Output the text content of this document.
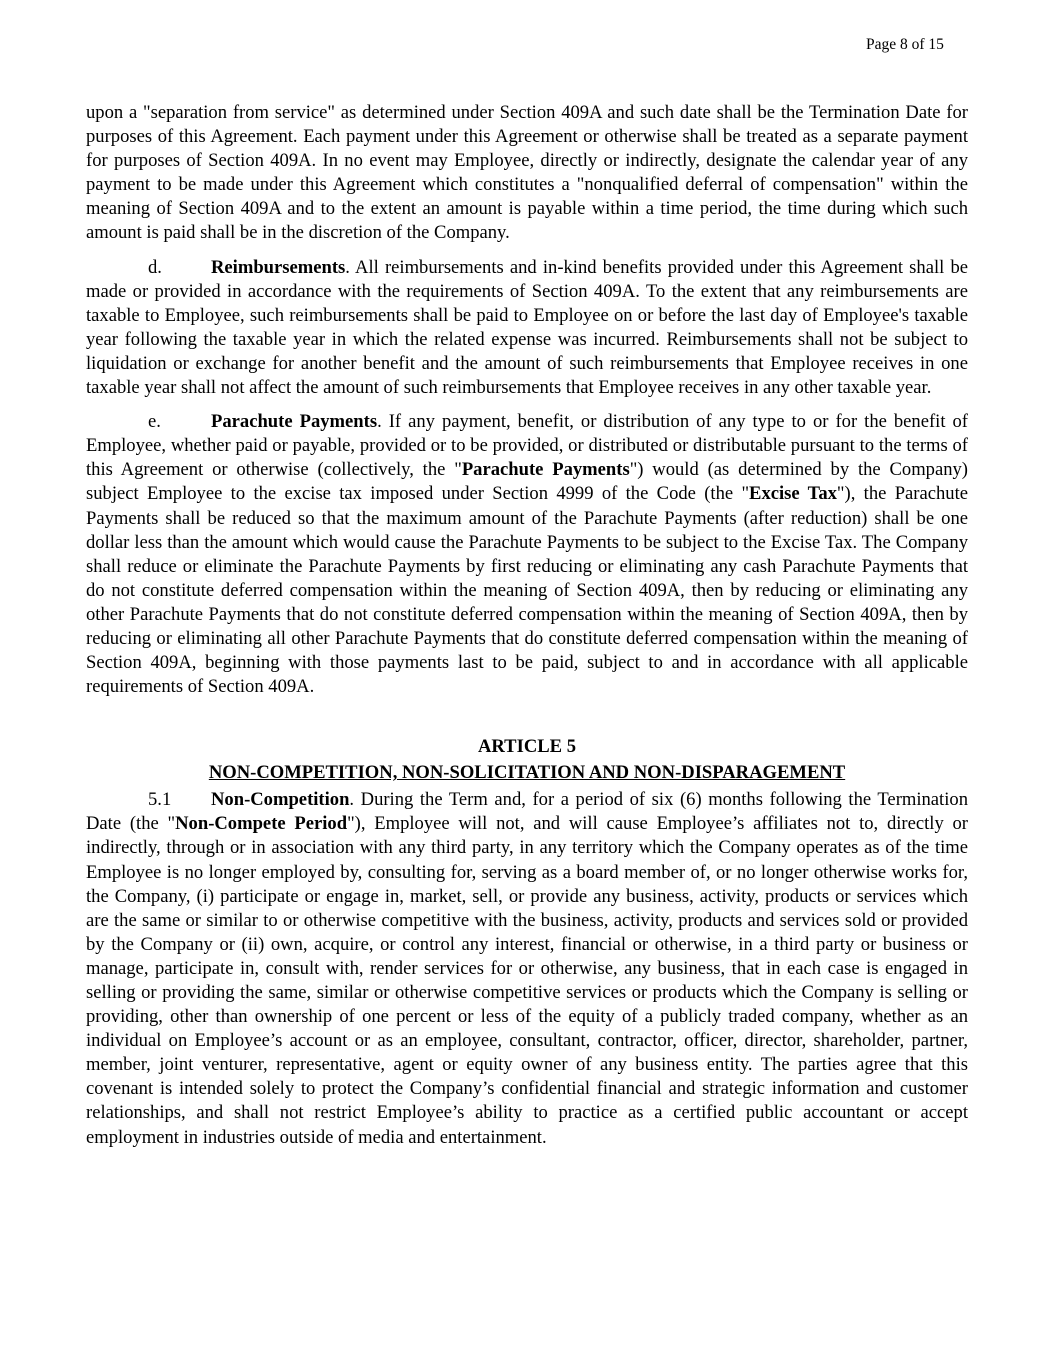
Page 8 of 15

upon a "separation from service" as determined under Section 409A and such date shall be the Termination Date for purposes of this Agreement. Each payment under this Agreement or otherwise shall be treated as a separate payment for purposes of Section 409A. In no event may Employee, directly or indirectly, designate the calendar year of any payment to be made under this Agreement which constitutes a "nonqualified deferral of compensation" within the meaning of Section 409A and to the extent an amount is payable within a time period, the time during which such amount is paid shall be in the discretion of the Company.

d.	Reimbursements. All reimbursements and in-kind benefits provided under this Agreement shall be made or provided in accordance with the requirements of Section 409A. To the extent that any reimbursements are taxable to Employee, such reimbursements shall be paid to Employee on or before the last day of Employee's taxable year following the taxable year in which the related expense was incurred. Reimbursements shall not be subject to liquidation or exchange for another benefit and the amount of such reimbursements that Employee receives in one taxable year shall not affect the amount of such reimbursements that Employee receives in any other taxable year.

e.	Parachute Payments. If any payment, benefit, or distribution of any type to or for the benefit of Employee, whether paid or payable, provided or to be provided, or distributed or distributable pursuant to the terms of this Agreement or otherwise (collectively, the "Parachute Payments") would (as determined by the Company) subject Employee to the excise tax imposed under Section 4999 of the Code (the "Excise Tax"), the Parachute Payments shall be reduced so that the maximum amount of the Parachute Payments (after reduction) shall be one dollar less than the amount which would cause the Parachute Payments to be subject to the Excise Tax. The Company shall reduce or eliminate the Parachute Payments by first reducing or eliminating any cash Parachute Payments that do not constitute deferred compensation within the meaning of Section 409A, then by reducing or eliminating any other Parachute Payments that do not constitute deferred compensation within the meaning of Section 409A, then by reducing or eliminating all other Parachute Payments that do constitute deferred compensation within the meaning of Section 409A, beginning with those payments last to be paid, subject to and in accordance with all applicable requirements of Section 409A.

ARTICLE 5
NON-COMPETITION, NON-SOLICITATION AND NON-DISPARAGEMENT

5.1 Non-Competition. During the Term and, for a period of six (6) months following the Termination Date (the "Non-Compete Period"), Employee will not, and will cause Employee’s affiliates not to, directly or indirectly, through or in association with any third party, in any territory which the Company operates as of the time Employee is no longer employed by, consulting for, serving as a board member of, or no longer otherwise works for, the Company, (i) participate or engage in, market, sell, or provide any business, activity, products or services which are the same or similar to or otherwise competitive with the business, activity, products and services sold or provided by the Company or (ii) own, acquire, or control any interest, financial or otherwise, in a third party or business or manage, participate in, consult with, render services for or otherwise, any business, that in each case is engaged in selling or providing the same, similar or otherwise competitive services or products which the Company is selling or providing, other than ownership of one percent or less of the equity of a publicly traded company, whether as an individual on Employee’s account or as an employee, consultant, contractor, officer, director, shareholder, partner, member, joint venturer, representative, agent or equity owner of any business entity. The parties agree that this covenant is intended solely to protect the Company’s confidential financial and strategic information and customer relationships, and shall not restrict Employee’s ability to practice as a certified public accountant or accept employment in industries outside of media and entertainment.
